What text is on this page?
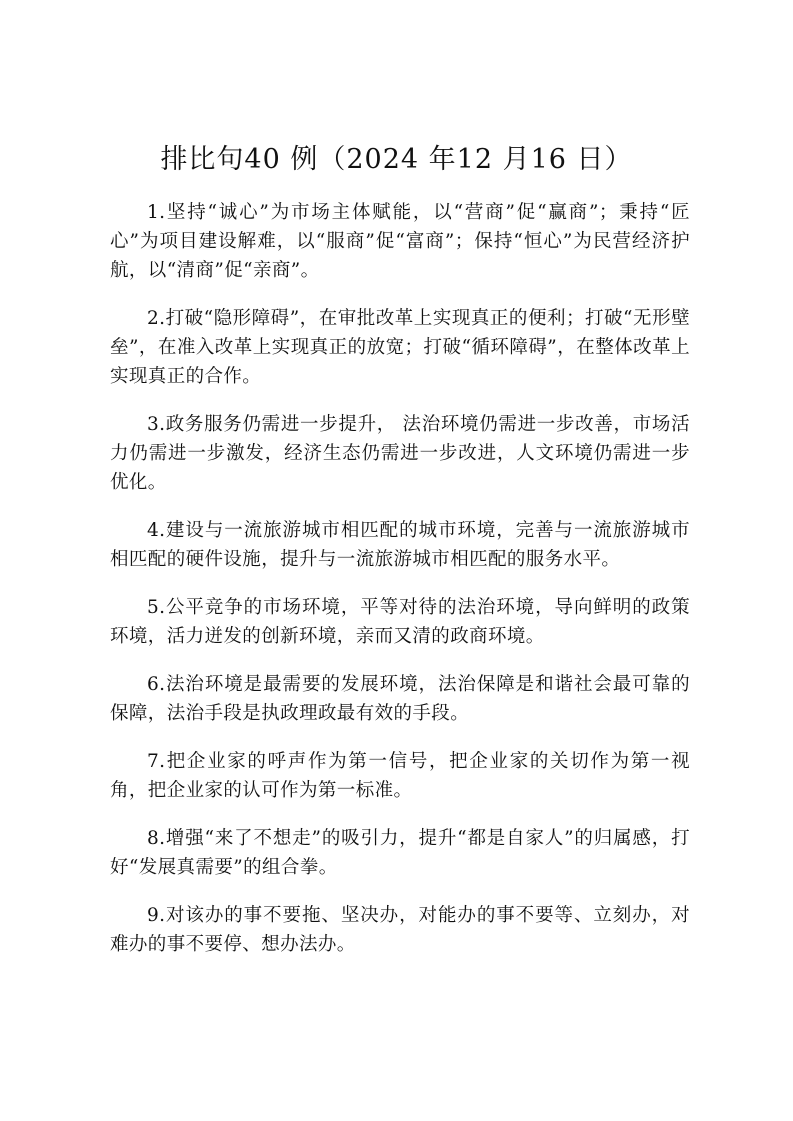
排比句40 例（2024 年12 月16 日）
1.坚持“诚心”为市场主体赋能，以“营商”促“赢商”；秉持“匠心”为项目建设解难，以“服商”促“富商”；保持“恒心”为民营经济护航，以“清商”促“亲商”。
2.打破“隐形障碍”，在审批改革上实现真正的便利；打破“无形壁垒”，在准入改革上实现真正的放宽；打破“循环障碍”，在整体改革上实现真正的合作。
3.政务服务仍需进一步提升， 法治环境仍需进一步改善，市场活力仍需进一步激发，经济生态仍需进一步改进，人文环境仍需进一步优化。
4.建设与一流旅游城市相匹配的城市环境，完善与一流旅游城市相匹配的硬件设施，提升与一流旅游城市相匹配的服务水平。
5.公平竞争的市场环境，平等对待的法治环境，导向鲜明的政策环境，活力迸发的创新环境，亲而又清的政商环境。
6.法治环境是最需要的发展环境，法治保障是和谐社会最可靠的保障，法治手段是执政理政最有效的手段。
7.把企业家的呼声作为第一信号，把企业家的关切作为第一视角，把企业家的认可作为第一标准。
8.增强“来了不想走”的吸引力，提升“都是自家人”的归属感，打好“发展真需要”的组合拳。
9.对该办的事不要拖、坚决办，对能办的事不要等、立刻办，对难办的事不要停、想办法办。
